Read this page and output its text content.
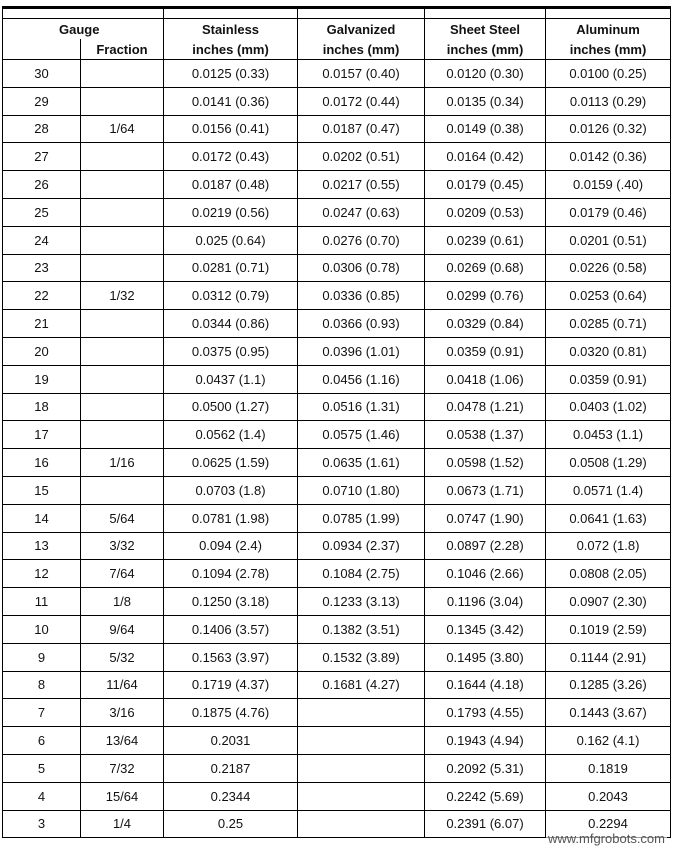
Gauge		Stainless	Galvanized	Sheet Steel	Aluminum
	Fraction	inches (mm)	inches (mm)	inches (mm)	inches (mm)
30		0.0125 (0.33)	0.0157 (0.40)	0.0120 (0.30)	0.0100 (0.25)
29		0.0141 (0.36)	0.0172 (0.44)	0.0135 (0.34)	0.0113 (0.29)
28	1/64	0.0156 (0.41)	0.0187 (0.47)	0.0149 (0.38)	0.0126 (0.32)
27		0.0172 (0.43)	0.0202 (0.51)	0.0164 (0.42)	0.0142 (0.36)
26		0.0187 (0.48)	0.0217 (0.55)	0.0179 (0.45)	0.0159 (.40)
25		0.0219 (0.56)	0.0247 (0.63)	0.0209 (0.53)	0.0179 (0.46)
24		0.025 (0.64)	0.0276 (0.70)	0.0239 (0.61)	0.0201 (0.51)
23		0.0281 (0.71)	0.0306 (0.78)	0.0269 (0.68)	0.0226 (0.58)
22	1/32	0.0312 (0.79)	0.0336 (0.85)	0.0299 (0.76)	0.0253 (0.64)
21		0.0344 (0.86)	0.0366 (0.93)	0.0329 (0.84)	0.0285 (0.71)
20		0.0375 (0.95)	0.0396 (1.01)	0.0359 (0.91)	0.0320 (0.81)
19		0.0437 (1.1)	0.0456 (1.16)	0.0418 (1.06)	0.0359 (0.91)
18		0.0500 (1.27)	0.0516 (1.31)	0.0478 (1.21)	0.0403 (1.02)
17		0.0562 (1.4)	0.0575 (1.46)	0.0538 (1.37)	0.0453 (1.1)
16	1/16	0.0625 (1.59)	0.0635 (1.61)	0.0598 (1.52)	0.0508 (1.29)
15		0.0703 (1.8)	0.0710 (1.80)	0.0673 (1.71)	0.0571 (1.4)
14	5/64	0.0781 (1.98)	0.0785 (1.99)	0.0747 (1.90)	0.0641 (1.63)
13	3/32	0.094 (2.4)	0.0934 (2.37)	0.0897 (2.28)	0.072 (1.8)
12	7/64	0.1094 (2.78)	0.1084 (2.75)	0.1046 (2.66)	0.0808 (2.05)
11	1/8	0.1250 (3.18)	0.1233 (3.13)	0.1196 (3.04)	0.0907 (2.30)
10	9/64	0.1406 (3.57)	0.1382 (3.51)	0.1345 (3.42)	0.1019 (2.59)
9	5/32	0.1563 (3.97)	0.1532 (3.89)	0.1495 (3.80)	0.1144 (2.91)
8	11/64	0.1719 (4.37)	0.1681 (4.27)	0.1644 (4.18)	0.1285 (3.26)
7	3/16	0.1875 (4.76)		0.1793 (4.55)	0.1443 (3.67)
6	13/64	0.2031		0.1943 (4.94)	0.162 (4.1)
5	7/32	0.2187		0.2092 (5.31)	0.1819
4	15/64	0.2344		0.2242 (5.69)	0.2043
3	1/4	0.25		0.2391 (6.07)	0.2294
www.mfgrobots.com
